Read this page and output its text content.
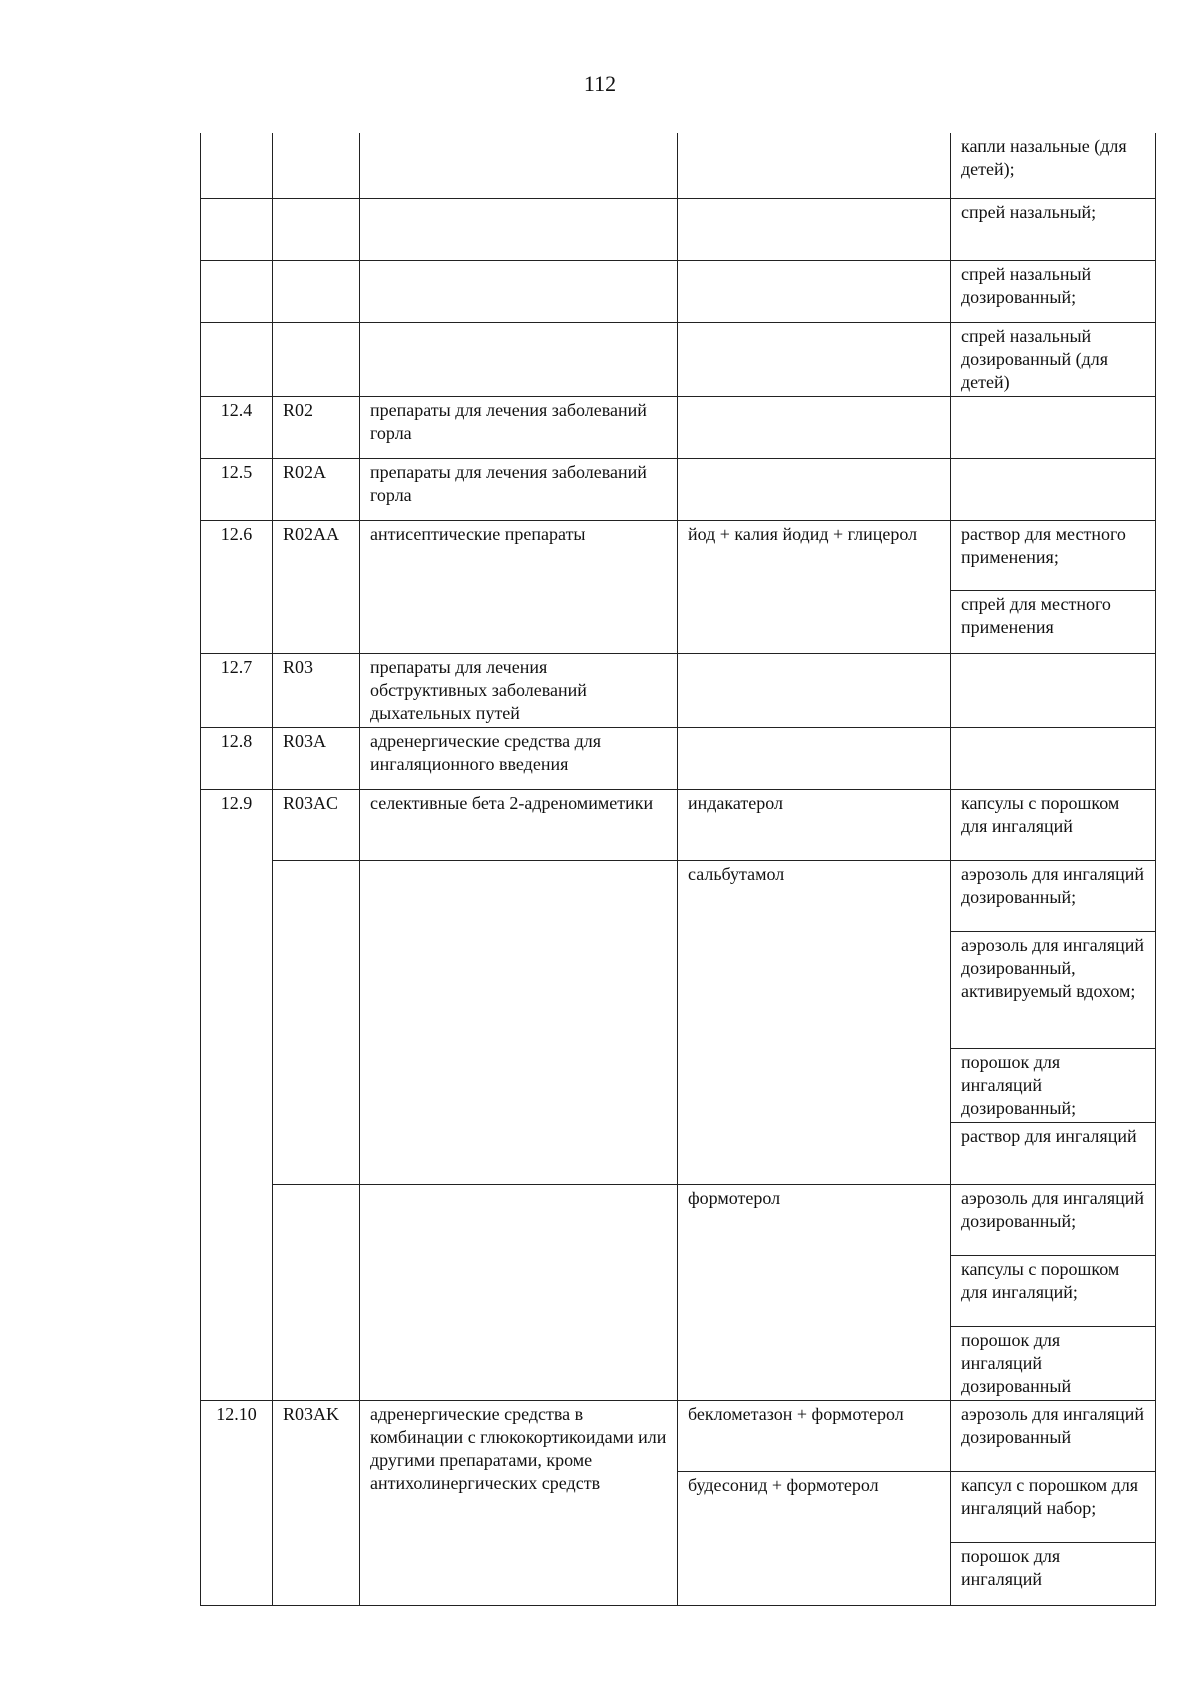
112
				капли назальные (для детей);
				спрей назальный;
				спрей назальный дозированный;
				спрей назальный дозированный (для детей)
12.4	R02	препараты для лечения заболеваний горла		
12.5	R02A	препараты для лечения заболеваний горла		
12.6	R02AA	антисептические препараты	йод + калия йодид + глицерол	раствор для местного применения;
				спрей для местного применения
12.7	R03	препараты для лечения обструктивных заболеваний дыхательных путей		
12.8	R03A	адренергические средства для ингаляционного введения		
12.9	R03AC	селективные бета 2-адреномиметики	индакатерол	капсулы с порошком для ингаляций
			сальбутамол	аэрозоль для ингаляций дозированный;
				аэрозоль для ингаляций дозированный, активируемый вдохом;
				порошок для ингаляций дозированный;
				раствор для ингаляций
			формотерол	аэрозоль для ингаляций дозированный;
				капсулы с порошком для ингаляций;
				порошок для ингаляций дозированный
12.10	R03AK	адренергические средства в комбинации с глюкокортикоидами или другими препаратами, кроме антихолинергических средств	беклометазон + формотерол	аэрозоль для ингаляций дозированный
			будесонид + формотерол	капсул с порошком для ингаляций набор;
				порошок для ингаляций
